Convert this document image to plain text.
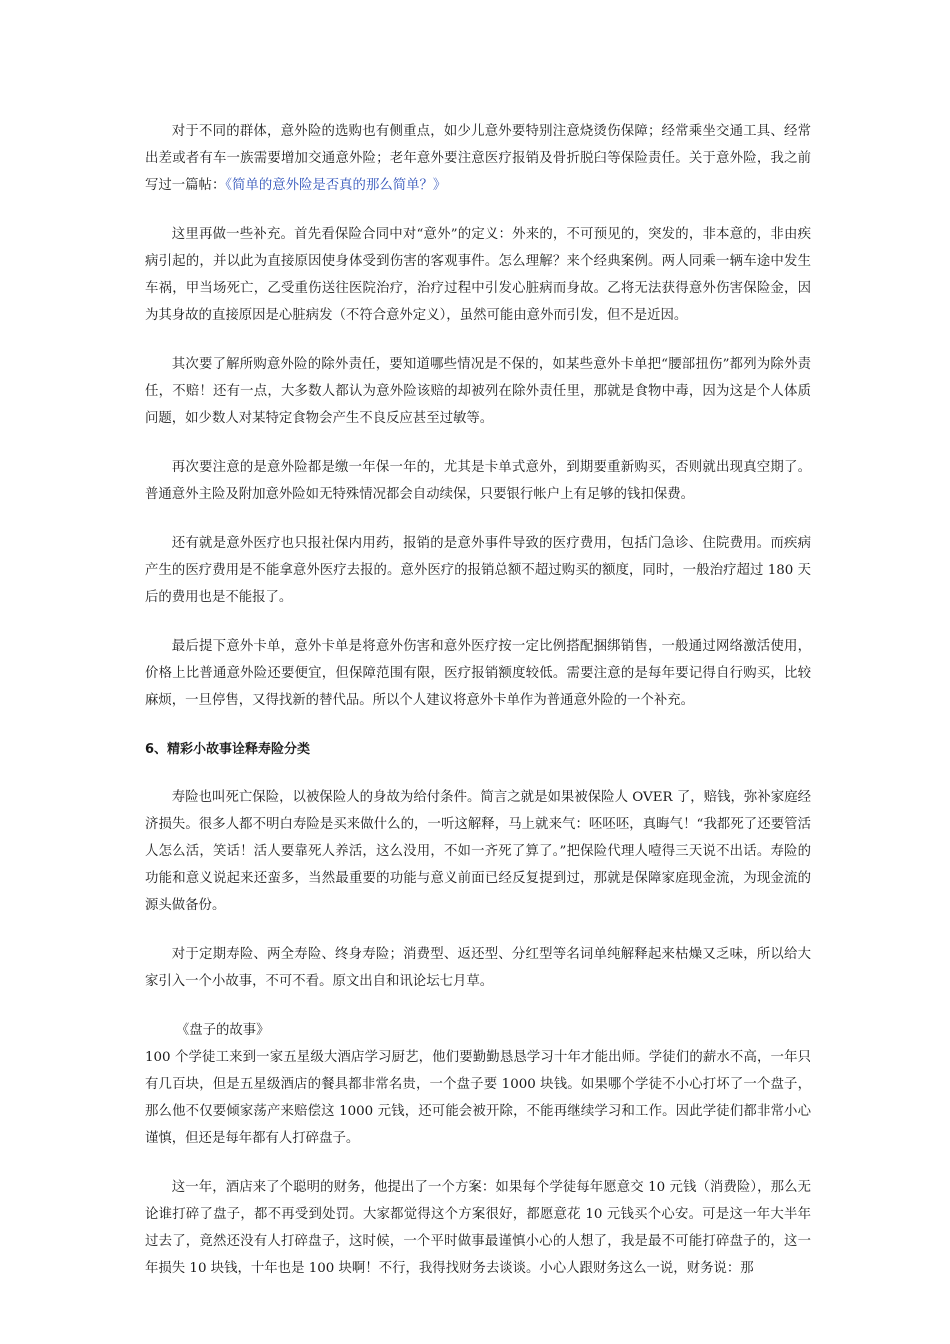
对于不同的群体，意外险的选购也有侧重点，如少儿意外要特别注意烧烫伤保障；经常乘坐交通工具、经常出差或者有车一族需要增加交通意外险；老年意外要注意医疗报销及骨折脱臼等保险责任。关于意外险，我之前写过一篇帖：《简单的意外险是否真的那么简单？》

这里再做一些补充。首先看保险合同中对“意外”的定义：外来的，不可预见的，突发的，非本意的，非由疾病引起的，并以此为直接原因使身体受到伤害的客观事件。怎么理解？来个经典案例。两人同乘一辆车途中发生车祸，甲当场死亡，乙受重伤送往医院治疗，治疗过程中引发心脏病而身故。乙将无法获得意外伤害保险金，因为其身故的直接原因是心脏病发（不符合意外定义），虽然可能由意外而引发，但不是近因。

其次要了解所购意外险的除外责任，要知道哪些情况是不保的，如某些意外卡单把“腰部扭伤”都列为除外责任，不赔！还有一点，大多数人都认为意外险该赔的却被列在除外责任里，那就是食物中毒，因为这是个人体质问题，如少数人对某特定食物会产生不良反应甚至过敏等。

再次要注意的是意外险都是缴一年保一年的，尤其是卡单式意外，到期要重新购买，否则就出现真空期了。普通意外主险及附加意外险如无特殊情况都会自动续保，只要银行帐户上有足够的钱扣保费。

还有就是意外医疗也只报社保内用药，报销的是意外事件导致的医疗费用，包括门急诊、住院费用。而疾病产生的医疗费用是不能拿意外医疗去报的。意外医疗的报销总额不超过购买的额度，同时，一般治疗超过 180 天后的费用也是不能报了。

最后提下意外卡单，意外卡单是将意外伤害和意外医疗按一定比例搭配捆绑销售，一般通过网络激活使用，价格上比普通意外险还要便宜，但保障范围有限，医疗报销额度较低。需要注意的是每年要记得自行购买，比较麻烦，一旦停售，又得找新的替代品。所以个人建议将意外卡单作为普通意外险的一个补充。

6、精彩小故事诠释寿险分类

寿险也叫死亡保险，以被保险人的身故为给付条件。简言之就是如果被保险人 OVER 了，赔钱，弥补家庭经济损失。很多人都不明白寿险是买来做什么的，一听这解释，马上就来气：呸呸呸，真晦气！“我都死了还要管活人怎么活，笑话！活人要靠死人养活，这么没用，不如一齐死了算了。”把保险代理人噎得三天说不出话。寿险的功能和意义说起来还蛮多，当然最重要的功能与意义前面已经反复提到过，那就是保障家庭现金流，为现金流的源头做备份。

对于定期寿险、两全寿险、终身寿险；消费型、返还型、分红型等名词单纯解释起来枯燥又乏味，所以给大家引入一个小故事，不可不看。原文出自和讯论坛七月草。

《盘子的故事》

100 个学徒工来到一家五星级大酒店学习厨艺，他们要勤勤恳恳学习十年才能出师。学徒们的薪水不高，一年只有几百块，但是五星级酒店的餐具都非常名贵，一个盘子要 1000 块钱。如果哪个学徒不小心打坏了一个盘子，那么他不仅要倾家荡产来赔偿这 1000 元钱，还可能会被开除，不能再继续学习和工作。因此学徒们都非常小心谨慎，但还是每年都有人打碎盘子。

这一年，酒店来了个聪明的财务，他提出了一个方案：如果每个学徒每年愿意交 10 元钱（消费险），那么无论谁打碎了盘子，都不再受到处罚。大家都觉得这个方案很好，都愿意花 10 元钱买个心安。可是这一年大半年过去了，竟然还没有人打碎盘子，这时候，一个平时做事最谨慎小心的人想了，我是最不可能打碎盘子的，这一年损失 10 块钱，十年也是 100 块啊！不行，我得找财务去谈谈。小心人跟财务这么一说，财务说：那
